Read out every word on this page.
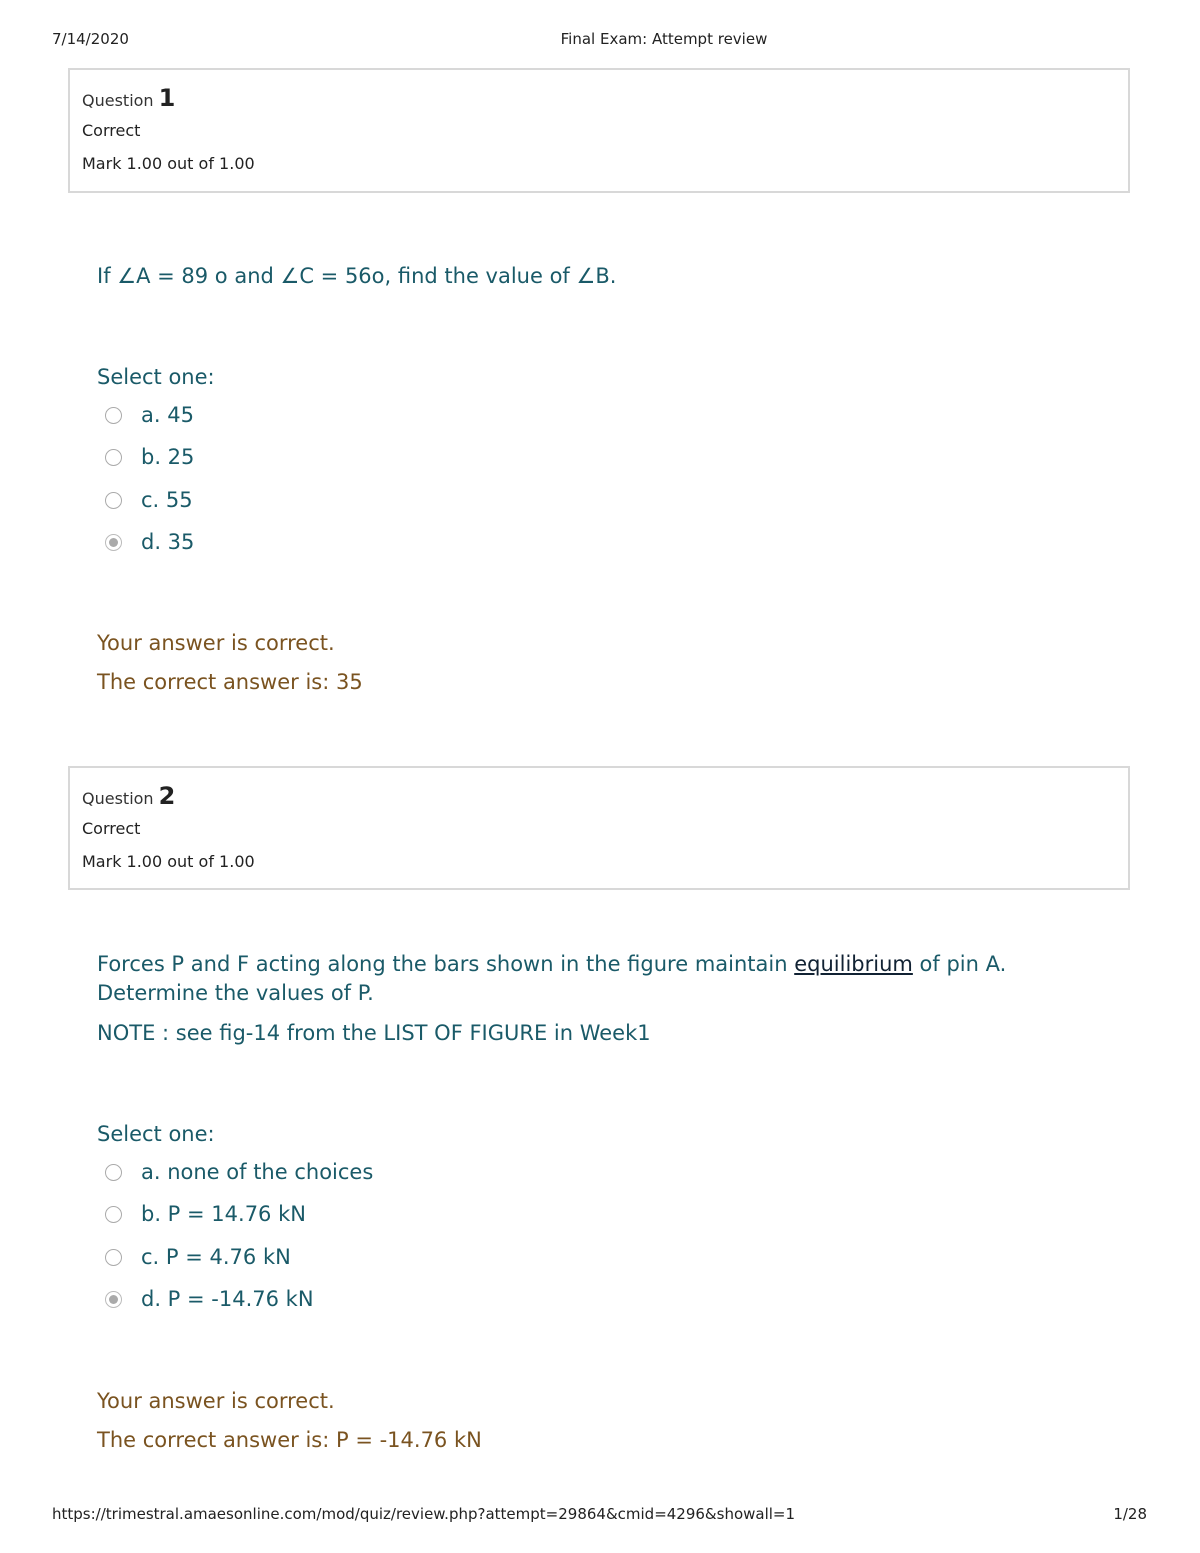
7/14/2020	Final Exam: Attempt review
Question 1
Correct
Mark 1.00 out of 1.00
If ∠A = 89 o and ∠C = 56o, find the value of ∠B.
Select one:
a. 45
b. 25
c. 55
d. 35
Your answer is correct.
The correct answer is: 35
Question 2
Correct
Mark 1.00 out of 1.00
Forces P and F acting along the bars shown in the figure maintain equilibrium of pin A. Determine the values of P.
NOTE : see fig-14 from the LIST OF FIGURE in Week1
Select one:
a. none of the choices
b. P = 14.76 kN
c. P = 4.76 kN
d. P = -14.76 kN
Your answer is correct.
The correct answer is: P = -14.76 kN
https://trimestral.amaesonline.com/mod/quiz/review.php?attempt=29864&cmid=4296&showall=1	1/28
